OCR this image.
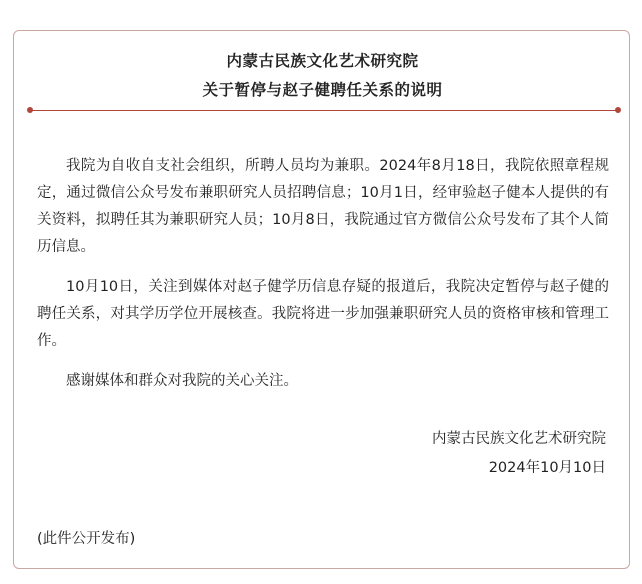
内蒙古民族文化艺术研究院
关于暂停与赵子健聘任关系的说明

我院为自收自支社会组织，所聘人员均为兼职。2024年8月18日，我院依照章程规定，通过微信公众号发布兼职研究人员招聘信息；10月1日，经审验赵子健本人提供的有关资料，拟聘任其为兼职研究人员；10月8日，我院通过官方微信公众号发布了其个人简历信息。

10月10日，关注到媒体对赵子健学历信息存疑的报道后，我院决定暂停与赵子健的聘任关系，对其学历学位开展核查。我院将进一步加强兼职研究人员的资格审核和管理工作。

感谢媒体和群众对我院的关心关注。

内蒙古民族文化艺术研究院
2024年10月10日
(此件公开发布)
